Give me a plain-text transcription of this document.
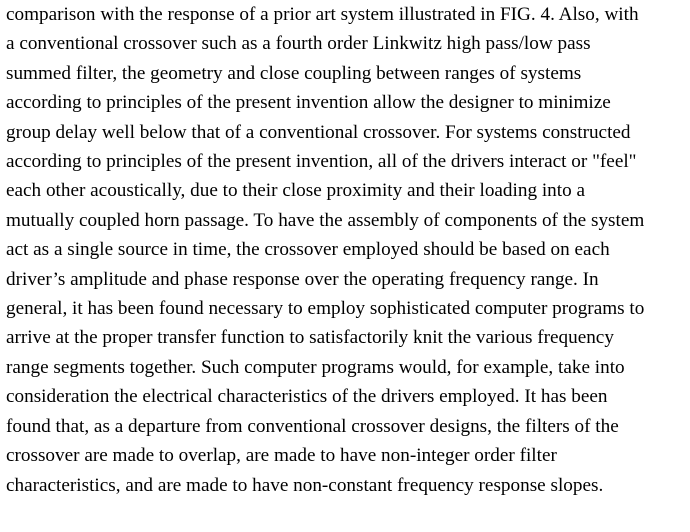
comparison with the response of a prior art system illustrated in FIG. 4. Also, with
a conventional crossover such as a fourth order Linkwitz high pass/low pass
summed filter, the geometry and close coupling between ranges of systems
according to principles of the present invention allow the designer to minimize
group delay well below that of a conventional crossover. For systems constructed
according to principles of the present invention, all of the drivers interact or "feel"
each other acoustically, due to their close proximity and their loading into a
mutually coupled horn passage. To have the assembly of components of the system
act as a single source in time, the crossover employed should be based on each
driver’s amplitude and phase response over the operating frequency range. In
general, it has been found necessary to employ sophisticated computer programs to
arrive at the proper transfer function to satisfactorily knit the various frequency
range segments together. Such computer programs would, for example, take into
consideration the electrical characteristics of the drivers employed. It has been
found that, as a departure from conventional crossover designs, the filters of the
crossover are made to overlap, are made to have non-integer order filter
characteristics, and are made to have non-constant frequency response slopes.
